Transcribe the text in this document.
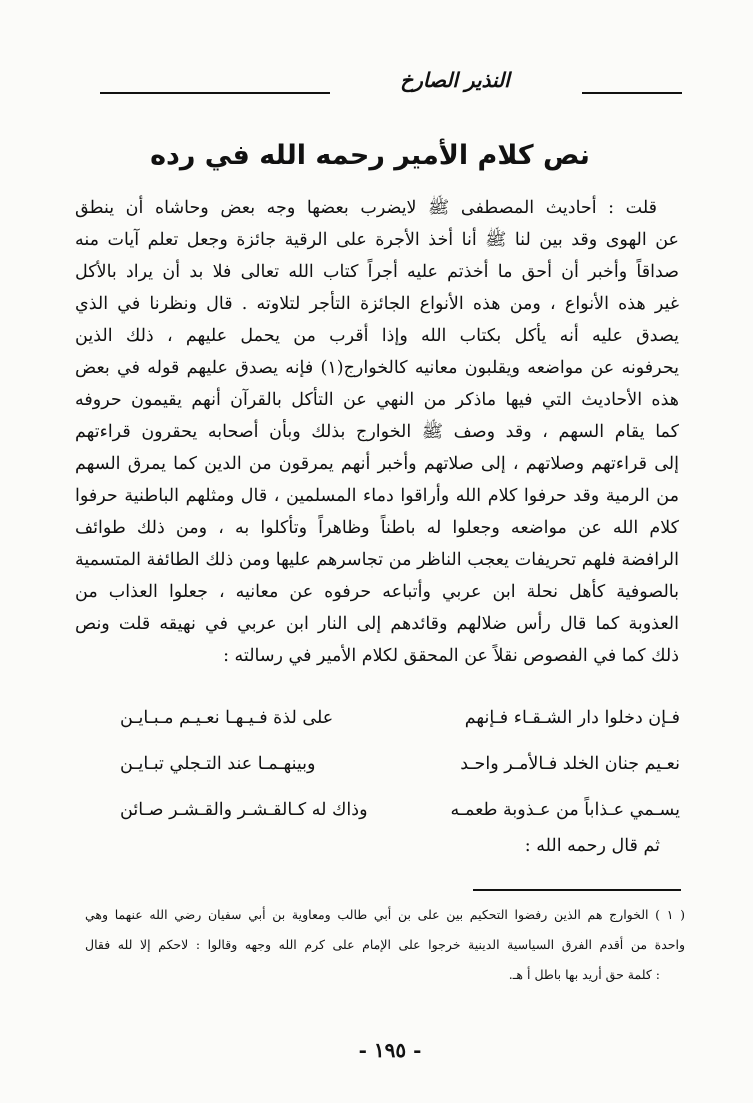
النذير الصارخ
نص كلام الأمير رحمه الله في رده
قلت : أحاديث المصطفى ﷺ لايضرب بعضها وجه بعض وحاشاه أن ينطق
عن الهوى وقد بين لنا ﷺ أنا أخذ الأجرة على الرقية جائزة وجعل تعلم آيات منه
صداقاً وأخبر أن أحق ما أخذتم عليه أجراً كتاب الله تعالى فلا بد أن يراد بالأكل
غير هذه الأنواع ، ومن هذه الأنواع الجائزة التأجر لتلاوته . قال ونظرنا في الذي
يصدق عليه أنه يأكل بكتاب الله وإذا أقرب من يحمل عليهم ، ذلك الذين
يحرفونه عن مواضعه ويقلبون معانيه كالخوارج(١) فإنه يصدق عليهم قوله في بعض
هذه الأحاديث التي فيها ماذكر من النهي عن التأكل بالقرآن أنهم يقيمون حروفه
كما يقام السهم ، وقد وصف ﷺ الخوارج بذلك وبأن أصحابه يحقرون قراءتهم
إلى قراءتهم وصلاتهم ، إلى صلاتهم وأخبر أنهم يمرقون من الدين كما يمرق السهم
من الرمية وقد حرفوا كلام الله وأراقوا دماء المسلمين ، قال ومثلهم الباطنية حرفوا
كلام الله عن مواضعه وجعلوا له باطناً وظاهراً وتأكلوا به ، ومن ذلك طوائف
الرافضة فلهم تحريفات يعجب الناظر من تجاسرهم عليها ومن ذلك الطائفة المتسمية
بالصوفية كأهل نحلة ابن عربي وأتباعه حرفوه عن معانيه ، جعلوا العذاب من
العذوبة كما قال رأس ضلالهم وقائدهم إلى النار ابن عربي في نهيقه قلت ونص
ذلك كما في الفصوص نقلاً عن المحقق لكلام الأمير في رسالته :
فـإن دخلوا دار الشـقـاء فـإنهم
على لذة فـيـهـا نعـيـم مـبـايـن
نعـيم جنان الخلد فـالأمـر واحـد
وبينهـمـا عند التـجلي تبـايـن
يسـمي عـذاباً من عـذوبة طعمـه
وذاك له كـالقـشـر والقـشـر صـائن
ثم قال رحمه الله :
( ١ ) الخوارج هم الذين رفضوا التحكيم بين على بن أبي طالب ومعاوية بن أبي سفيان رضي الله عنهما وهي
واحدة من أقدم الفرق السياسية الدينية خرجوا على الإمام على كرم الله وجهه وقالوا : لاحكم إلا لله فقال
: كلمة حق أريد بها باطل أ هـ.
- ١٩٥ -
